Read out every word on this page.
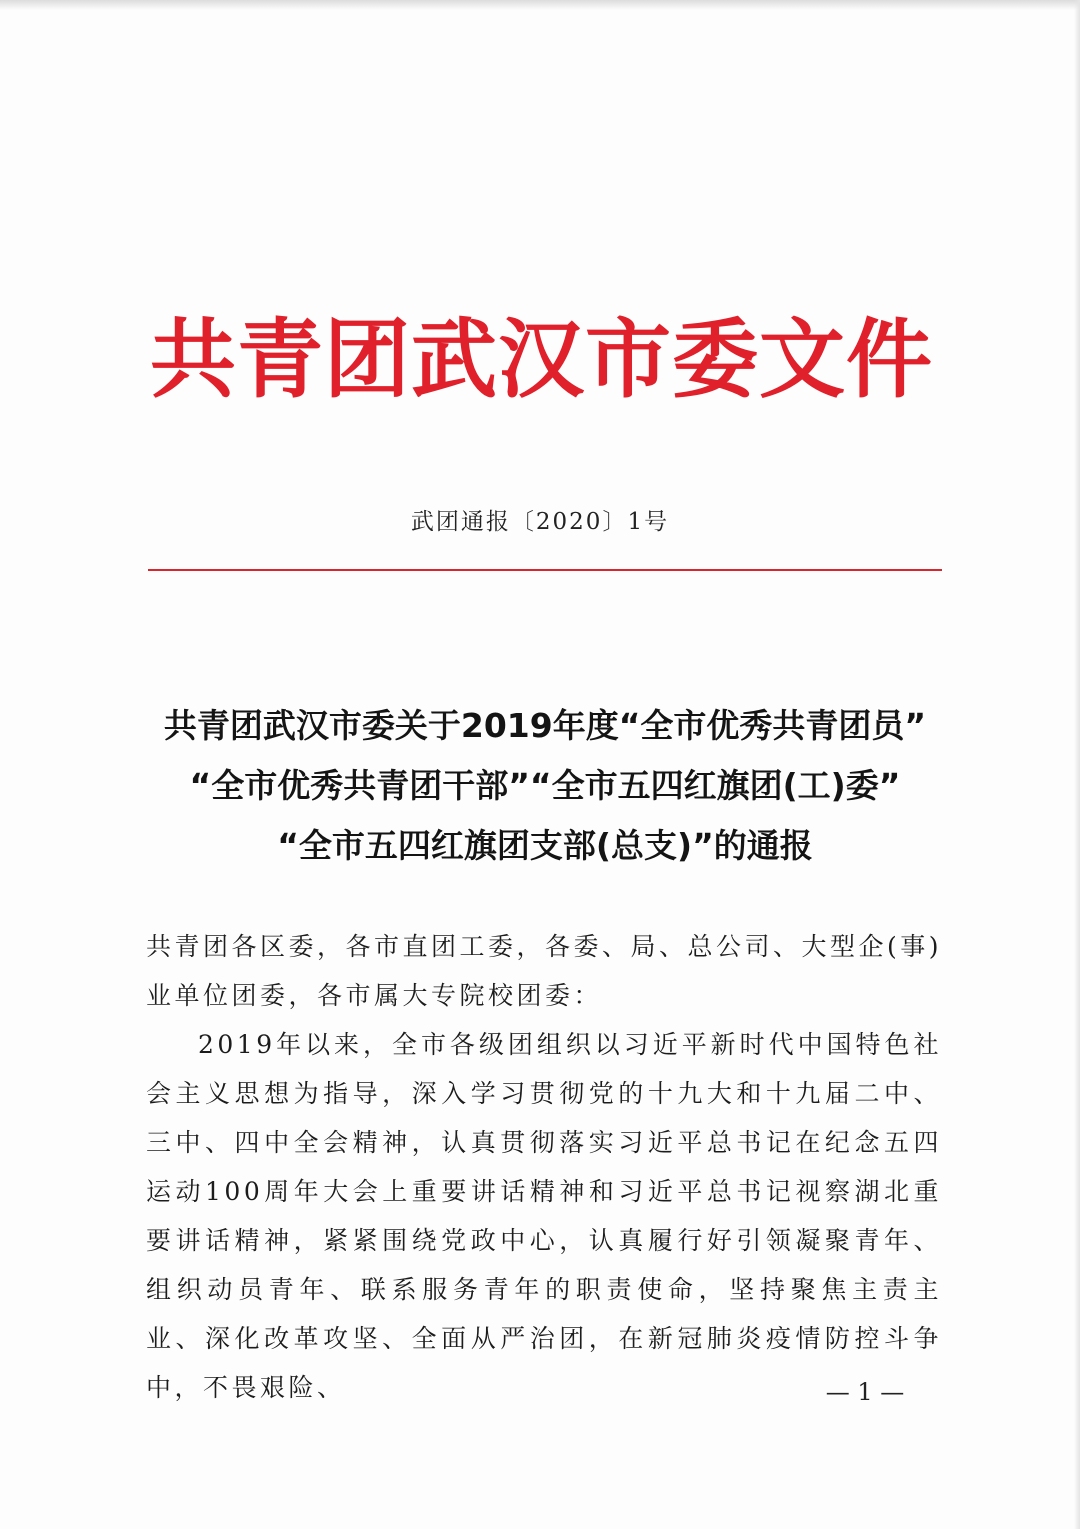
共青团武汉市委文件
武团通报〔2020〕1号
共青团武汉市委关于2019年度“全市优秀共青团员”
“全市优秀共青团干部”“全市五四红旗团(工)委”
“全市五四红旗团支部(总支)”的通报

共青团各区委，各市直团工委，各委、局、总公司、大型企(事)业单位团委，各市属大专院校团委：

2019年以来，全市各级团组织以习近平新时代中国特色社会主义思想为指导，深入学习贯彻党的十九大和十九届二中、三中、四中全会精神，认真贯彻落实习近平总书记在纪念五四运动100周年大会上重要讲话精神和习近平总书记视察湖北重要讲话精神，紧紧围绕党政中心，认真履行好引领凝聚青年、组织动员青年、联系服务青年的职责使命，坚持聚焦主责主业、深化改革攻坚、全面从严治团，在新冠肺炎疫情防控斗争中，不畏艰险、	— 1 —
